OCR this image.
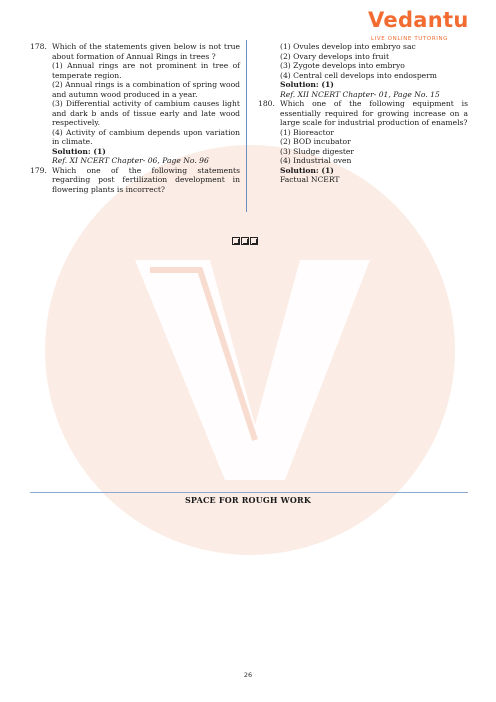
Vedantu
LIVE ONLINE TUTORING
178. Which of the statements given below is not true about formation of Annual Rings in trees ?
(1) Annual rings are not prominent in tree of temperate region.
(2) Annual rings is a combination of spring wood and autumn wood produced in a year.
(3) Differential activity of cambium causes light and dark b ands of tissue early and late wood respectively.
(4) Activity of cambium depends upon variation in climate.
Solution: (1)
Ref. XI NCERT Chapter- 06, Page No. 96
179. Which one of the following statements regarding post fertilization development in flowering plants is incorrect?
(1) Ovules develop into embryo sac
(2) Ovary develops into fruit
(3) Zygote develops into embryo
(4) Central cell develops into endosperm
Solution: (1)
Ref. XII NCERT Chapter- 01, Page No. 15
180. Which one of the following equipment is essentially required for growing increase on a large scale for industrial production of enamels?
(1) Bioreactor
(2) BOD incubator
(3) Sludge digester
(4) Industrial oven
Solution: (1)
Factual NCERT
SPACE FOR ROUGH WORK
26
